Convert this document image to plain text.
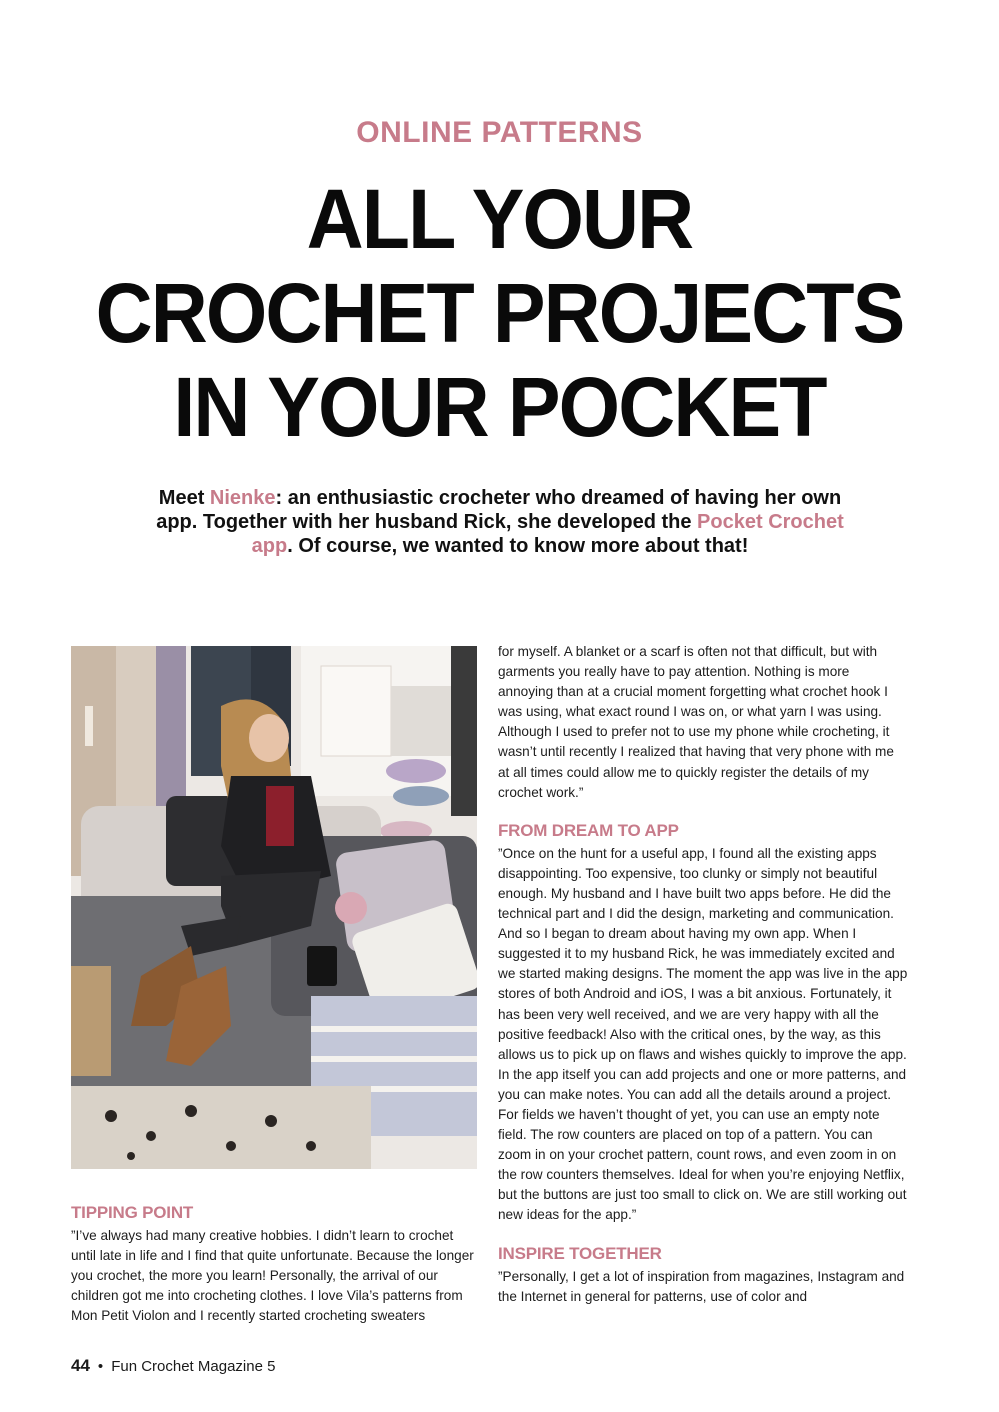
ONLINE PATTERNS
ALL YOUR
CROCHET PROJECTS
IN YOUR POCKET
Meet Nienke: an enthusiastic crocheter who dreamed of having her own app. Together with her husband Rick, she developed the Pocket Crochet app. Of course, we wanted to know more about that!
TIPPING POINT

”I’ve always had many creative hobbies. I didn’t learn to crochet until late in life and I find that quite unfortunate. Because the longer you crochet, the more you learn! Personally, the arrival of our children got me into crocheting clothes. I love Vila’s patterns from Mon Petit Violon and I recently started crocheting sweaters

for myself. A blanket or a scarf is often not that difficult, but with garments you really have to pay attention. Nothing is more annoying than at a crucial moment forgetting what crochet hook I was using, what exact round I was on, or what yarn I was using. Although I used to prefer not to use my phone while crocheting, it wasn’t until recently I realized that having that very phone with me at all times could allow me to quickly register the details of my crochet work.”

FROM DREAM TO APP

”Once on the hunt for a useful app, I found all the existing apps disappointing. Too expensive, too clunky or simply not beautiful enough. My husband and I have built two apps before. He did the technical part and I did the design, marketing and communication. And so I began to dream about having my own app. When I suggested it to my husband Rick, he was immediately excited and we started making designs. The moment the app was live in the app stores of both Android and iOS, I was a bit anxious. Fortunately, it has been very well received, and we are very happy with all the positive feedback! Also with the critical ones, by the way, as this allows us to pick up on flaws and wishes quickly to improve the app. In the app itself you can add projects and one or more patterns, and you can make notes. You can add all the details around a project. For fields we haven’t thought of yet, you can use an empty note field. The row counters are placed on top of a pattern. You can zoom in on your crochet pattern, count rows, and even zoom in on the row counters themselves. Ideal for when you’re enjoying Netflix, but the buttons are just too small to click on. We are still working out new ideas for the app.”

INSPIRE TOGETHER

”Personally, I get a lot of inspiration from magazines, Instagram and the Internet in general for patterns, use of color and

44 • Fun Crochet Magazine 5
